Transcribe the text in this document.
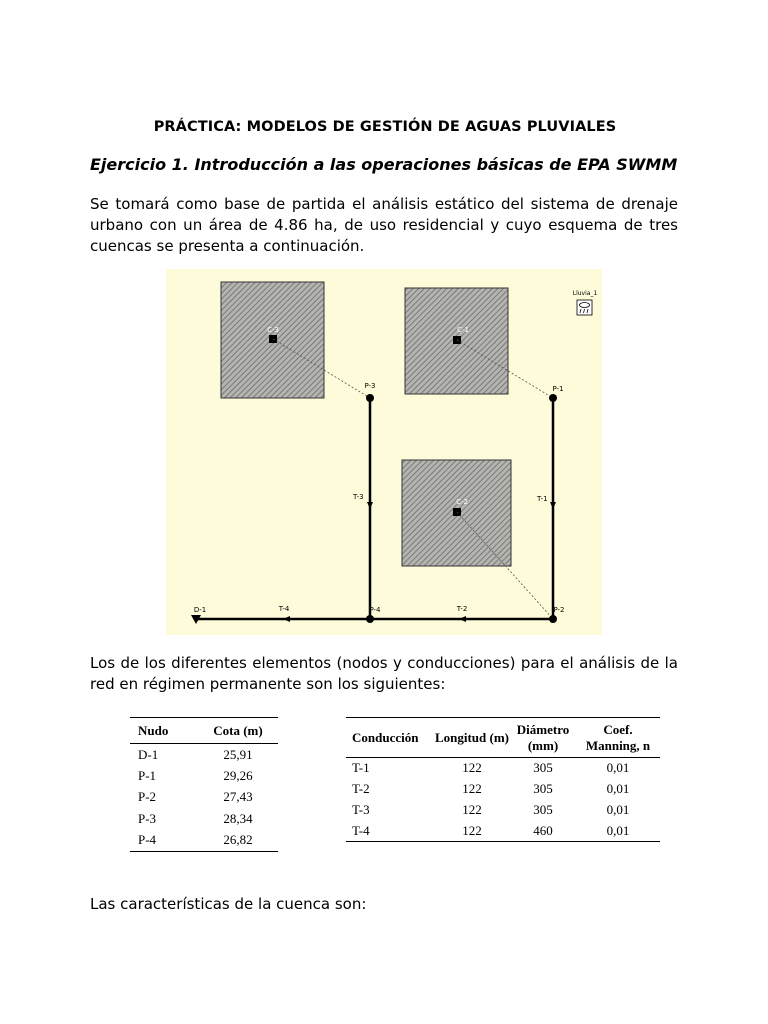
PRÁCTICA: MODELOS DE GESTIÓN DE AGUAS PLUVIALES
Ejercicio 1. Introducción a las operaciones básicas de EPA SWMM
Se tomará como base de partida el análisis estático del sistema de drenaje urbano con un área de 4.86 ha, de uso residencial y cuyo esquema de tres cuencas se presenta a continuación.
C-3	C-1
C-2
P-3	P-1
P-4	P-2
D-1
T-3	T-1
T-2
T-4
Lluvia_1
Los de los diferentes elementos (nodos y conducciones) para el análisis de la red en régimen permanente son los siguientes:
Nudo	Cota (m)
D-1	25,91
P-1	29,26
P-2	27,43
P-3	28,34
P-4	26,82
Conducción	Longitud (m)	Diámetro (mm)	Coef. Manning, n
T-1	122	305	0,01
T-2	122	305	0,01
T-3	122	305	0,01
T-4	122	460	0,01
Las características de la cuenca son:
